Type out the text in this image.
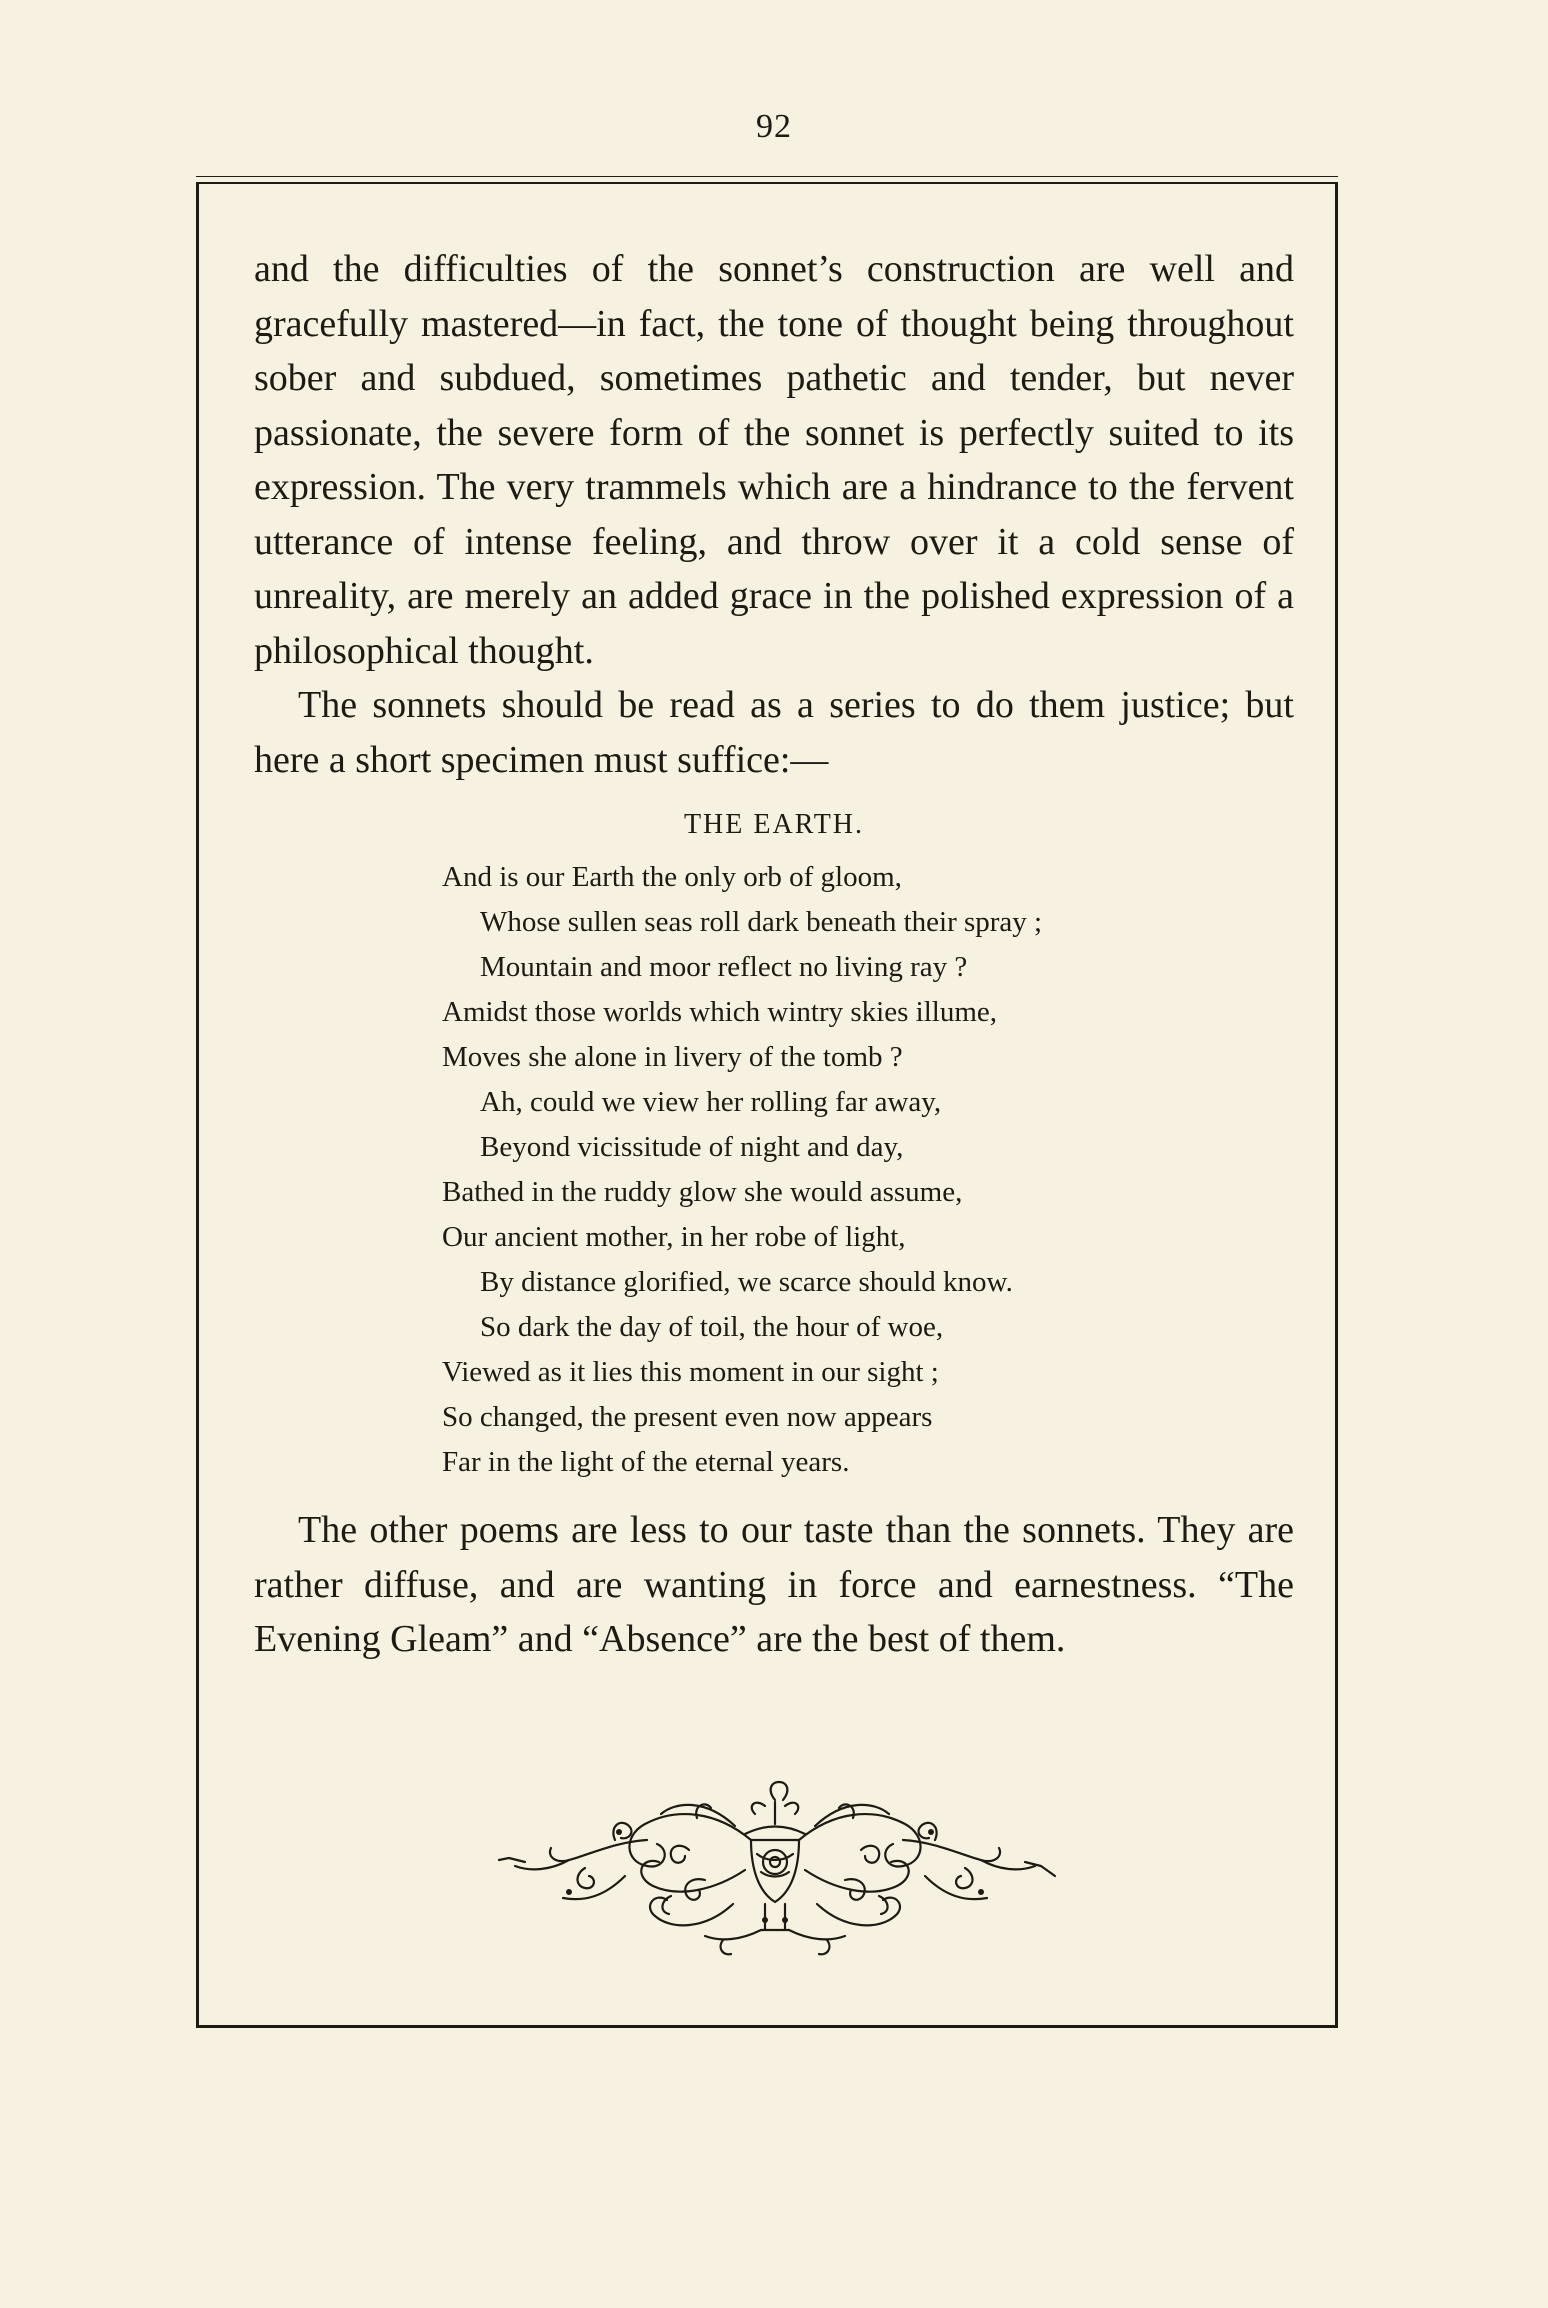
92

and the difficulties of the sonnet’s construction are well and gracefully mastered—in fact, the tone of thought being throughout sober and subdued, sometimes pathetic and tender, but never passionate, the severe form of the sonnet is perfectly suited to its expression. The very trammels which are a hindrance to the fervent utterance of intense feeling, and throw over it a cold sense of unreality, are merely an added grace in the polished expression of a philosophical thought.

The sonnets should be read as a series to do them justice; but here a short specimen must suffice:—

THE EARTH.

And is our Earth the only orb of gloom,
Whose sullen seas roll dark beneath their spray ;
Mountain and moor reflect no living ray ?
Amidst those worlds which wintry skies illume,
Moves she alone in livery of the tomb ?
Ah, could we view her rolling far away,
Beyond vicissitude of night and day,
Bathed in the ruddy glow she would assume,
Our ancient mother, in her robe of light,
By distance glorified, we scarce should know.
So dark the day of toil, the hour of woe,
Viewed as it lies this moment in our sight ;
So changed, the present even now appears
Far in the light of the eternal years.

The other poems are less to our taste than the sonnets. They are rather diffuse, and are wanting in force and earnestness. “The Evening Gleam” and “Absence” are the best of them.
